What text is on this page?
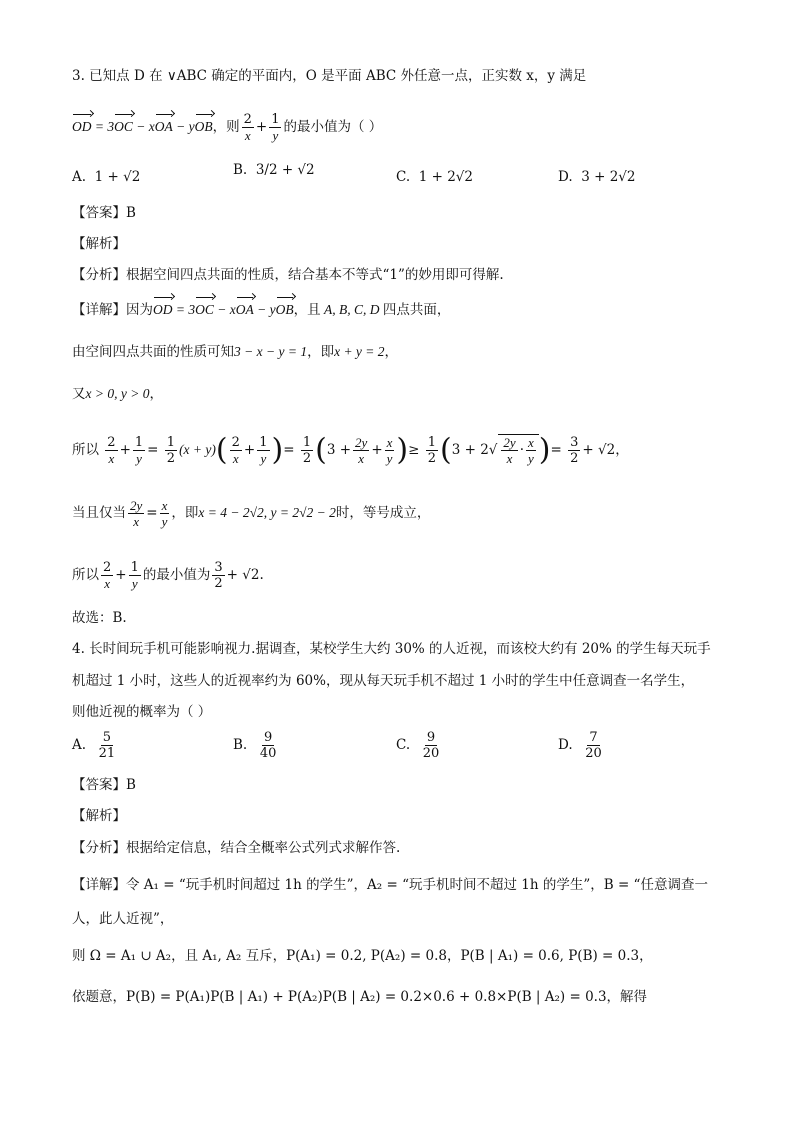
3. 已知点 D 在 ∨ABC 确定的平面内，O 是平面 ABC 外任意一点，正实数 x，y 满足
OD = 3OC − xOA − yOB，则 $\frac{2}{x} + \frac{1}{y}$ 的最小值为（ ）
A. 1 + √2	B. 3/2 + √2	C. 1 + 2√2	D. 3 + 2√2
【答案】B
【解析】
【分析】根据空间四点共面的性质，结合基本不等式“1”的妙用即可得解.
【详解】因为OD = 3OC − xOA − yOB，且 A, B, C, D 四点共面，
由空间四点共面的性质可知3 − x − y = 1，即x + y = 2，
又x > 0, y > 0，
所以 $\frac{2}{x} + \frac{1}{y} = \frac{1}{2} (x + y)( \frac{2}{x} + \frac{1}{y}$ )= $\frac{1}{2} (3 + \frac{2y}{x} + \frac{x}{y}$ )≥ $\frac{1}{2} (3 + 2√ \frac{2y}{x} \cdot \frac{x}{y}$ )= $\frac{3}{2} + √2$，
当且仅当 $\frac{2y}{x} = \frac{x}{y}$ ，即x = 4 − 2√2, y = 2√2 − 2时，等号成立，
所以 $\frac{2}{x} + \frac{1}{y}$ 的最小值为 $\frac{3}{2} + √2$.
故选：B.
4. 长时间玩手机可能影响视力.据调查，某校学生大约 30% 的人近视，而该校大约有 20% 的学生每天玩手
机超过 1 小时，这些人的近视率约为 60%，现从每天玩手机不超过 1 小时的学生中任意调查一名学生，
则他近视的概率为（ ）
A. $\frac{5}{21}$	B. $\frac{9}{40}$	C. $\frac{9}{20}$	D. $\frac{7}{20}$
【答案】B
【解析】
【分析】根据给定信息，结合全概率公式列式求解作答.
【详解】令 A₁ = “玩手机时间超过 1h 的学生”，A₂ = “玩手机时间不超过 1h 的学生”，B = “任意调查一
人，此人近视”，
则 Ω = A₁ ∪ A₂，且 A₁, A₂ 互斥，P(A₁) = 0.2, P(A₂) = 0.8，P(B | A₁) = 0.6, P(B) = 0.3，
依题意，P(B) = P(A₁)P(B | A₁) + P(A₂)P(B | A₂) = 0.2×0.6 + 0.8×P(B | A₂) = 0.3，解得
